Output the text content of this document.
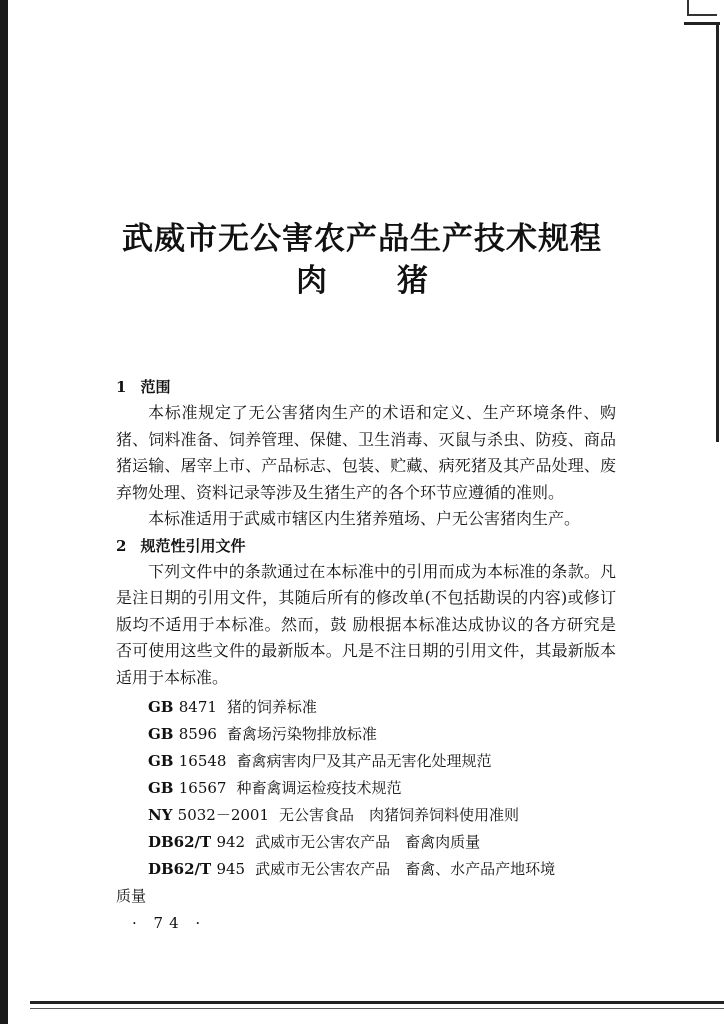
武威市无公害农产品生产技术规程
肉 猪
1 范围

本标准规定了无公害猪肉生产的术语和定义、生产环境条件、购猪、饲料准备、饲养管理、保健、卫生消毒、灭鼠与杀虫、防疫、商品猪运输、屠宰上市、产品标志、包装、贮藏、病死猪及其产品处理、废弃物处理、资料记录等涉及生猪生产的各个环节应遵循的准则。

本标准适用于武威市辖区内生猪养殖场、户无公害猪肉生产。

2 规范性引用文件

下列文件中的条款通过在本标准中的引用而成为本标准的条款。凡是注日期的引用文件，其随后所有的修改单(不包括勘误的内容)或修订版均不适用于本标准。然而，鼓 励根据本标准达成协议的各方研究是否可使用这些文件的最新版本。凡是不注日期的引用文件，其最新版本适用于本标准。

GB 8471 猪的饲养标准
GB 8596 畜禽场污染物排放标准
GB 16548 畜禽病害肉尸及其产品无害化处理规范
GB 16567 种畜禽调运检疫技术规范
NY 5032－2001 无公害食品　肉猪饲养饲料使用准则
DB62/T 942 武威市无公害农产品　畜禽肉质量
DB62/T 945 武威市无公害农产品　畜禽、水产品产地环境
质量
· 74 ·
